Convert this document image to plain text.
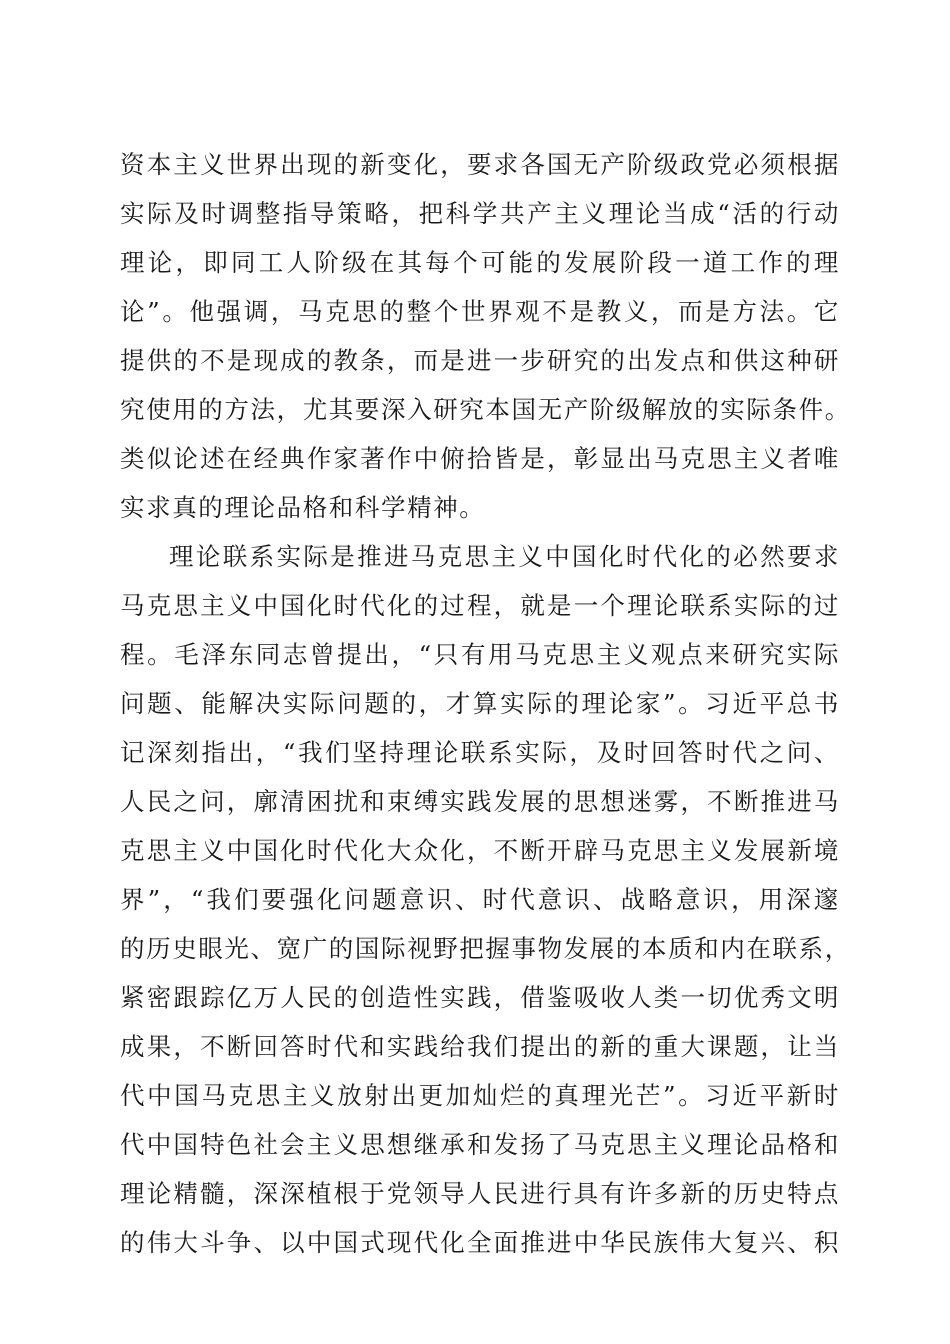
资本主义世界出现的新变化，要求各国无产阶级政党必须根据
实际及时调整指导策略，把科学共产主义理论当成“活的行动
理论，即同工人阶级在其每个可能的发展阶段一道工作的理
论”。他强调，马克思的整个世界观不是教义，而是方法。它
提供的不是现成的教条，而是进一步研究的出发点和供这种研
究使用的方法，尤其要深入研究本国无产阶级解放的实际条件。
类似论述在经典作家著作中俯拾皆是，彰显出马克思主义者唯
实求真的理论品格和科学精神。
理论联系实际是推进马克思主义中国化时代化的必然要求
马克思主义中国化时代化的过程，就是一个理论联系实际的过
程。毛泽东同志曾提出，“只有用马克思主义观点来研究实际
问题、能解决实际问题的，才算实际的理论家”。习近平总书
记深刻指出，“我们坚持理论联系实际，及时回答时代之问、
人民之问，廓清困扰和束缚实践发展的思想迷雾，不断推进马
克思主义中国化时代化大众化，不断开辟马克思主义发展新境
界”，“我们要强化问题意识、时代意识、战略意识，用深邃
的历史眼光、宽广的国际视野把握事物发展的本质和内在联系，
紧密跟踪亿万人民的创造性实践，借鉴吸收人类一切优秀文明
成果，不断回答时代和实践给我们提出的新的重大课题，让当
代中国马克思主义放射出更加灿烂的真理光芒”。习近平新时
代中国特色社会主义思想继承和发扬了马克思主义理论品格和
理论精髓，深深植根于党领导人民进行具有许多新的历史特点
的伟大斗争、以中国式现代化全面推进中华民族伟大复兴、积
